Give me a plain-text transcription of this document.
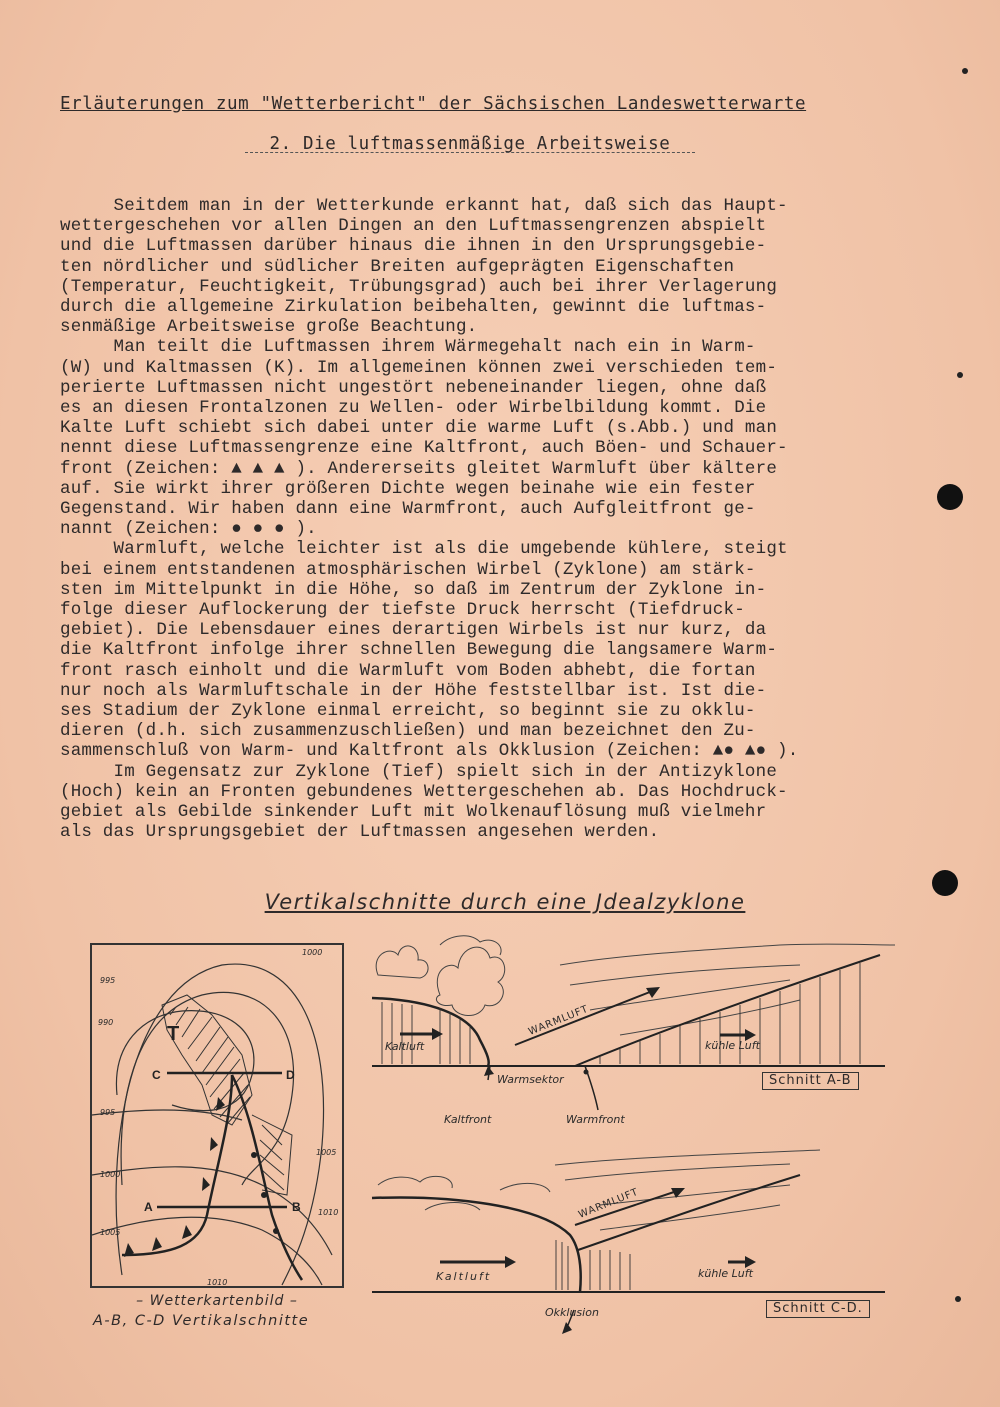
Erläuterungen zum "Wetterbericht" der Sächsischen Landeswetterwarte
2. Die luftmassenmäßige Arbeitsweise
Seitdem man in der Wetterkunde erkannt hat, daß sich das Haupt-
wettergeschehen vor allen Dingen an den Luftmassengrenzen abspielt
und die Luftmassen darüber hinaus die ihnen in den Ursprungsgebie-
ten nördlicher und südlicher Breiten aufgeprägten Eigenschaften
(Temperatur, Feuchtigkeit, Trübungsgrad) auch bei ihrer Verlagerung
durch die allgemeine Zirkulation beibehalten, gewinnt die luftmas-
senmäßige Arbeitsweise große Beachtung.
Man teilt die Luftmassen ihrem Wärmegehalt nach ein in Warm-
(W) und Kaltmassen (K). Im allgemeinen können zwei verschieden tem-
perierte Luftmassen nicht ungestört nebeneinander liegen, ohne daß
es an diesen Frontalzonen zu Wellen- oder Wirbelbildung kommt. Die
Kalte Luft schiebt sich dabei unter die warme Luft (s.Abb.) und man
nennt diese Luftmassengrenze eine Kaltfront, auch Böen- und Schauer-
front (Zeichen: ▲ ▲ ▲ ). Andererseits gleitet Warmluft über kältere
auf. Sie wirkt ihrer größeren Dichte wegen beinahe wie ein fester
Gegenstand. Wir haben dann eine Warmfront, auch Aufgleitfront ge-
nannt (Zeichen: ● ● ● ).
Warmluft, welche leichter ist als die umgebende kühlere, steigt
bei einem entstandenen atmosphärischen Wirbel (Zyklone) am stärk-
sten im Mittelpunkt in die Höhe, so daß im Zentrum der Zyklone in-
folge dieser Auflockerung der tiefste Druck herrscht (Tiefdruck-
gebiet). Die Lebensdauer eines derartigen Wirbels ist nur kurz, da
die Kaltfront infolge ihrer schnellen Bewegung die langsamere Warm-
front rasch einholt und die Warmluft vom Boden abhebt, die fortan
nur noch als Warmluftschale in der Höhe feststellbar ist. Ist die-
ses Stadium der Zyklone einmal erreicht, so beginnt sie zu okklu-
dieren (d.h. sich zusammenzuschließen) und man bezeichnet den Zu-
sammenschluß von Warm- und Kaltfront als Okklusion (Zeichen: ▲● ▲● ).
Im Gegensatz zur Zyklone (Tief) spielt sich in der Antizyklone
(Hoch) kein an Fronten gebundenes Wettergeschehen ab. Das Hochdruck-
gebiet als Gebilde sinkender Luft mit Wolkenauflösung muß vielmehr
als das Ursprungsgebiet der Luftmassen angesehen werden.

Vertikalschnitte durch eine Jdealzyklone
T
C	D
A	B
1000
995
990
995
1005
1000
1010
1005
1010
– Wetterkartenbild –
A-B, C-D Vertikalschnitte
Kaltluft
WARMLUFT
kühle Luft
Warmsektor
Kaltfront	Warmfront
Kaltluft
WARMLUFT
kühle Luft
Okklusion
Schnitt A-B
Schnitt C-D.
